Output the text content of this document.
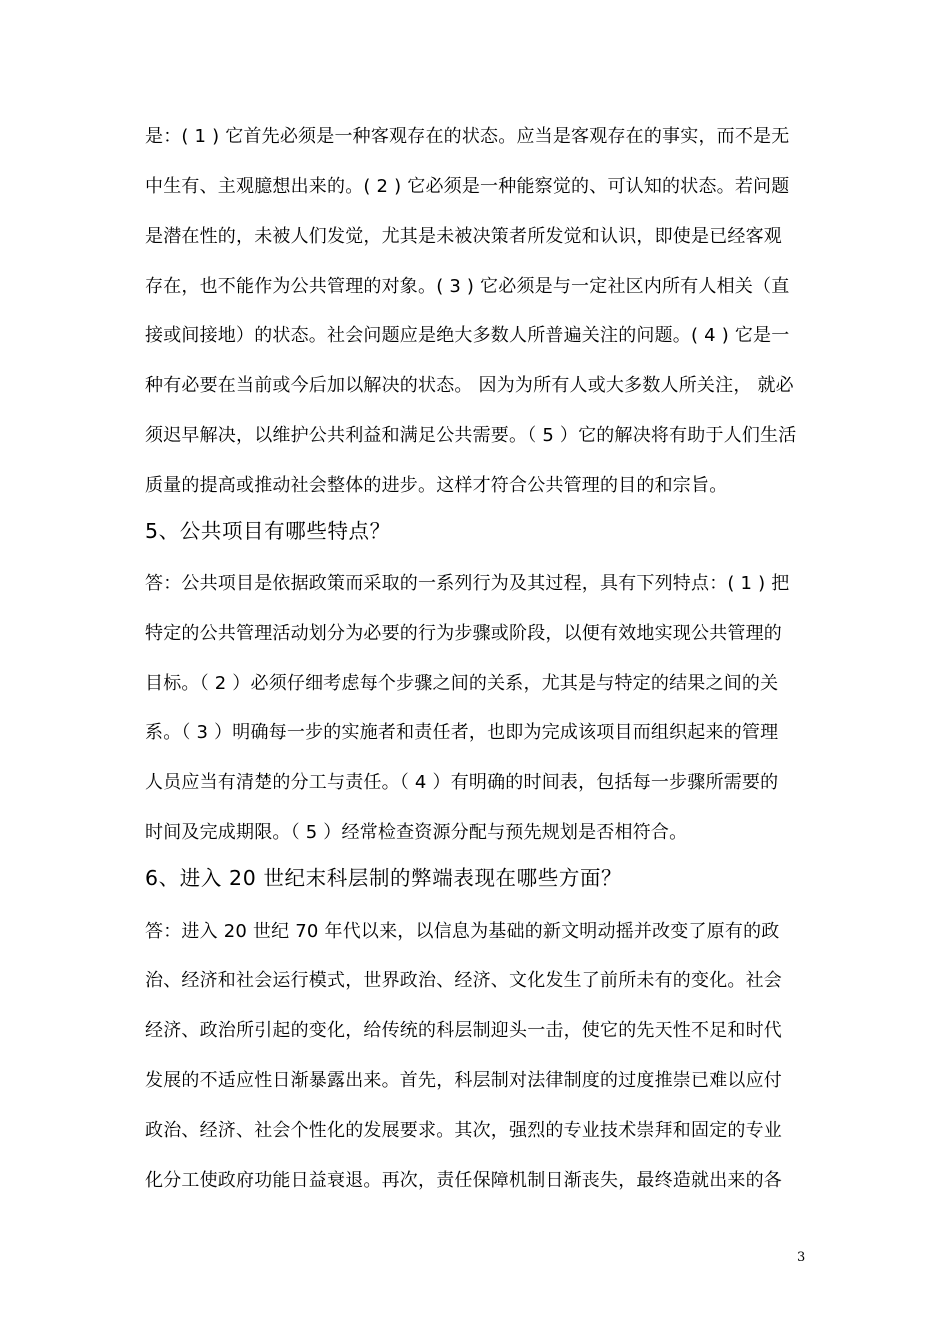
是：( 1 ) 它首先必须是一种客观存在的状态。应当是客观存在的事实，而不是无
中生有、主观臆想出来的。( 2 ) 它必须是一种能察觉的、可认知的状态。若问题
是潜在性的，未被人们发觉，尤其是未被决策者所发觉和认识，即使是已经客观
存在，也不能作为公共管理的对象。( 3 ) 它必须是与一定社区内所有人相关（直
接或间接地）的状态。社会问题应是绝大多数人所普遍关注的问题。( 4 ) 它是一
种有必要在当前或今后加以解决的状态。 因为为所有人或大多数人所关注， 就必
须迟早解决，以维护公共利益和满足公共需要。（ 5 ）它的解决将有助于人们生活
质量的提高或推动社会整体的进步。这样才符合公共管理的目的和宗旨。
5、公共项目有哪些特点？
答：公共项目是依据政策而采取的一系列行为及其过程，具有下列特点：( 1 ) 把
特定的公共管理活动划分为必要的行为步骤或阶段，以便有效地实现公共管理的
目标。（ 2 ）必须仔细考虑每个步骤之间的关系，尤其是与特定的结果之间的关
系。（ 3 ）明确每一步的实施者和责任者，也即为完成该项目而组织起来的管理
人员应当有清楚的分工与责任。（ 4 ）有明确的时间表，包括每一步骤所需要的
时间及完成期限。（ 5 ）经常检查资源分配与预先规划是否相符合。
6、进入 20 世纪末科层制的弊端表现在哪些方面？
答：进入 20 世纪 70 年代以来，以信息为基础的新文明动摇并改变了原有的政
治、经济和社会运行模式，世界政治、经济、文化发生了前所未有的变化。社会
经济、政治所引起的变化，给传统的科层制迎头一击，使它的先天性不足和时代
发展的不适应性日渐暴露出来。首先，科层制对法律制度的过度推崇已难以应付
政治、经济、社会个性化的发展要求。其次，强烈的专业技术崇拜和固定的专业
化分工使政府功能日益衰退。再次，责任保障机制日渐丧失，最终造就出来的各
3
